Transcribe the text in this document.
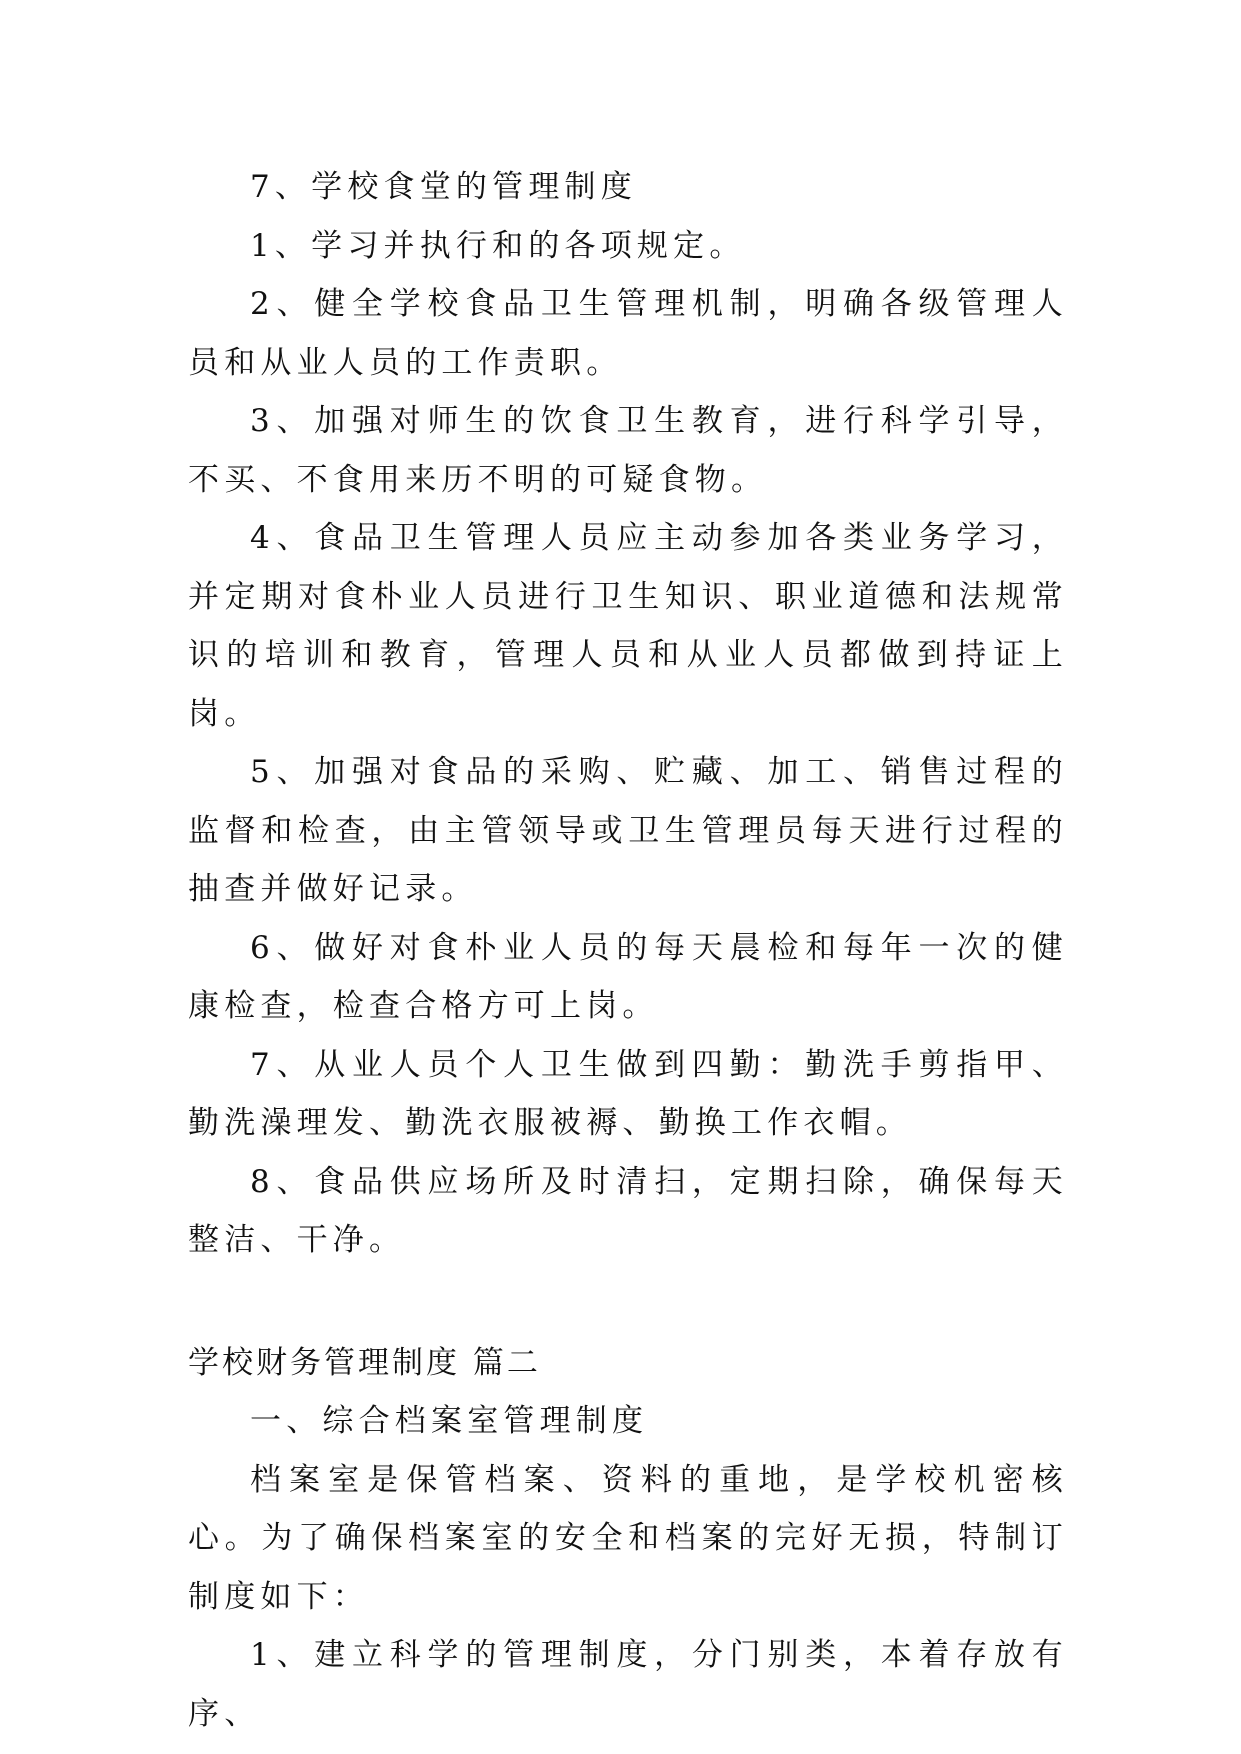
7、学校食堂的管理制度

1、学习并执行和的各项规定。

2、健全学校食品卫生管理机制，明确各级管理人员和从业人员的工作责职。

3、加强对师生的饮食卫生教育，进行科学引导，不买、不食用来历不明的可疑食物。

4、食品卫生管理人员应主动参加各类业务学习，并定期对食朴业人员进行卫生知识、职业道德和法规常识的培训和教育，管理人员和从业人员都做到持证上岗。

5、加强对食品的采购、贮藏、加工、销售过程的监督和检查，由主管领导或卫生管理员每天进行过程的抽查并做好记录。

6、做好对食朴业人员的每天晨检和每年一次的健康检查，检查合格方可上岗。

7、从业人员个人卫生做到四勤：勤洗手剪指甲、勤洗澡理发、勤洗衣服被褥、勤换工作衣帽。

8、食品供应场所及时清扫，定期扫除，确保每天整洁、干净。

学校财务管理制度 篇二

一、综合档案室管理制度

档案室是保管档案、资料的重地，是学校机密核心。为了确保档案室的安全和档案的完好无损，特制订制度如下：

1、建立科学的管理制度，分门别类，本着存放有序、
